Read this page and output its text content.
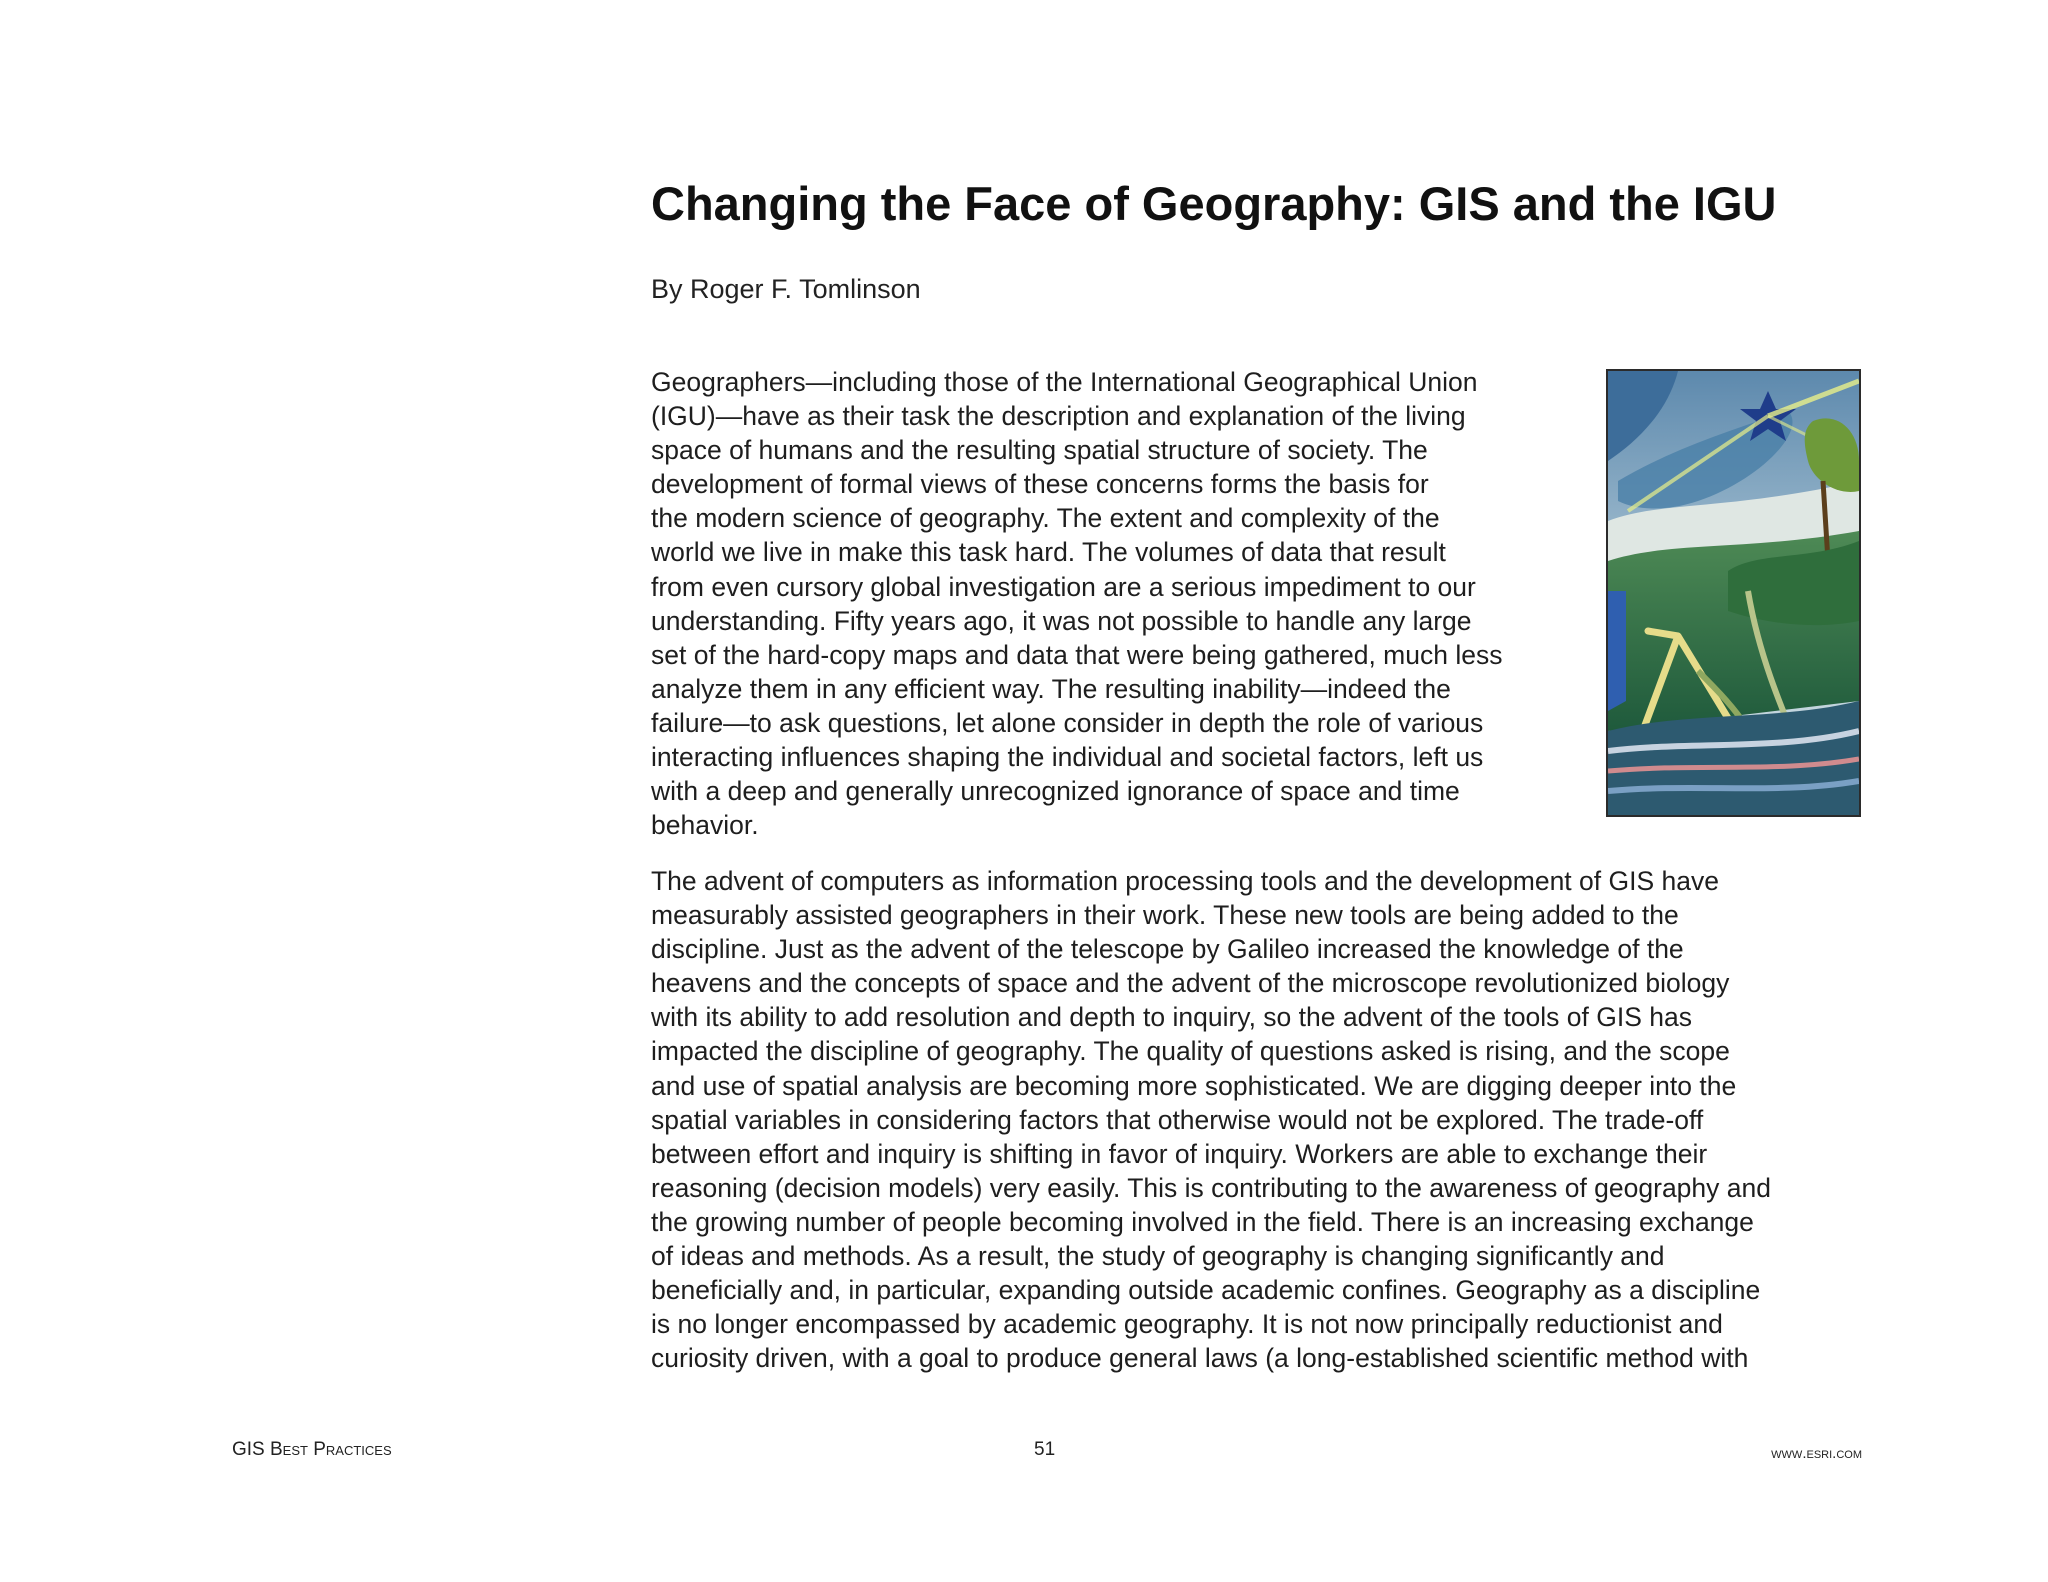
Changing the Face of Geography: GIS and the IGU
By Roger F. Tomlinson
Geographers—including those of the International Geographical Union
(IGU)—have as their task the description and explanation of the living
space of humans and the resulting spatial structure of society. The
development of formal views of these concerns forms the basis for
the modern science of geography. The extent and complexity of the
world we live in make this task hard. The volumes of data that result
from even cursory global investigation are a serious impediment to our
understanding. Fifty years ago, it was not possible to handle any large
set of the hard-copy maps and data that were being gathered, much less
analyze them in any efficient way. The resulting inability—indeed the
failure—to ask questions, let alone consider in depth the role of various
interacting influences shaping the individual and societal factors, left us
with a deep and generally unrecognized ignorance of space and time
behavior.
The advent of computers as information processing tools and the development of GIS have
measurably assisted geographers in their work. These new tools are being added to the
discipline. Just as the advent of the telescope by Galileo increased the knowledge of the
heavens and the concepts of space and the advent of the microscope revolutionized biology
with its ability to add resolution and depth to inquiry, so the advent of the tools of GIS has
impacted the discipline of geography. The quality of questions asked is rising, and the scope
and use of spatial analysis are becoming more sophisticated. We are digging deeper into the
spatial variables in considering factors that otherwise would not be explored. The trade-off
between effort and inquiry is shifting in favor of inquiry. Workers are able to exchange their
reasoning (decision models) very easily. This is contributing to the awareness of geography and
the growing number of people becoming involved in the field. There is an increasing exchange
of ideas and methods. As a result, the study of geography is changing significantly and
beneficially and, in particular, expanding outside academic confines. Geography as a discipline
is no longer encompassed by academic geography. It is not now principally reductionist and
curiosity driven, with a goal to produce general laws (a long-established scientific method with
GIS Best Practices	51	www.esri.com
